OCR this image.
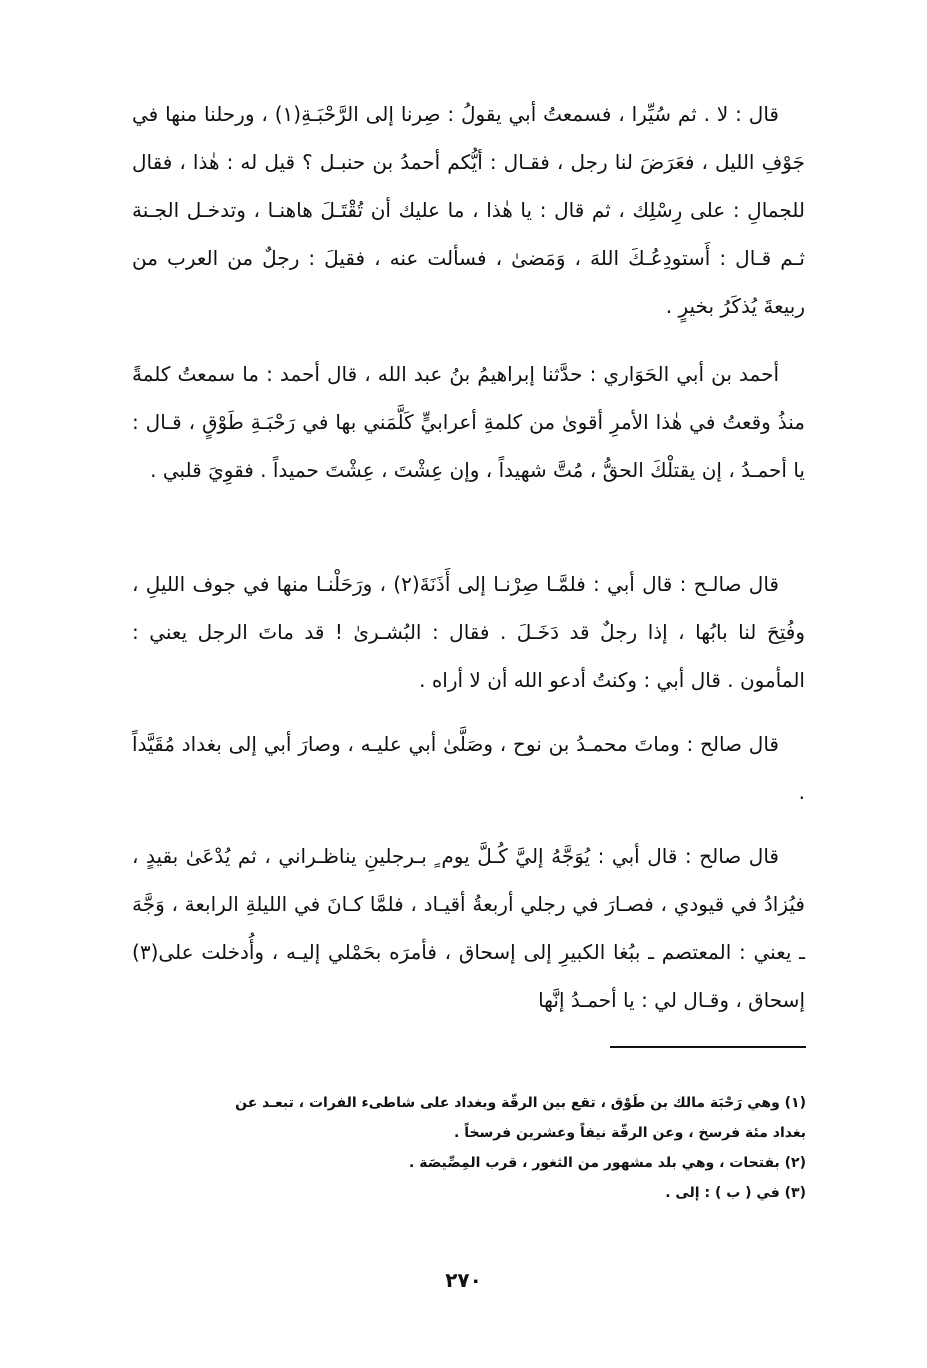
قال : لا . ثم سُيِّرا ، فسمعتُ أبي يقولُ : صِرنا إلى الرَّحْبَـةِ(١) ، ورحلنا منها في جَوْفِ الليل ، فعَرَضَ لنا رجل ، فقـال : أيُّكم أحمدُ بن حنبـل ؟ قيل له : هٰذا ، فقال للجمالِ : على رِسْلِك ، ثم قال : يا هٰذا ، ما عليك أن تُقْتَـلَ هاهنـا ، وتدخـل الجـنة ثـم قـال : أَستودِعُـكَ اللهَ ، وَمَضىٰ ، فسألت عنه ، فقيلَ : رجلٌ من العرب من ربيعةَ يُذكَرُ بخيرٍ .

أحمد بن أبي الحَوَاري : حدَّثنا إبراهيمُ بنُ عبد الله ، قال أحمد : ما سمعتُ كلمةً منذُ وقعتُ في هٰذا الأمرِ أقوىٰ من كلمةِ أعرابيٍّ كَلَّمَني بها في رَحْبَـةِ طَوْقٍ ، قـال : يا أحمـدُ ، إن يقتلْكَ الحقُّ ، مُتَّ شهيداً ، وإن عِشْتَ ، عِشْتَ حميداً . فقوِيَ قلبي .

قال صالـح : قال أبي : فلمَّـا صِرْنـا إلى أَذَنَةَ(٢) ، ورَحَلْنـا منها في جوف الليلِ ، وفُتِحَ لنا بابُها ، إذا رجلٌ قد دَخَـلَ . فقال : البُشـرىٰ ! قد ماتَ الرجل يعني : المأمون . قال أبي : وكنتُ أدعو الله أن لا أراه .

قال صالح : وماتَ محمـدُ بن نوح ، وصَلَّىٰ أبي عليـه ، وصارَ أبي إلى بغداد مُقَيَّداً .

قال صالح : قال أبي : يُوَجَّهُ إليَّ كُـلَّ يوم ٍ بـرجلينِ يناظـراني ، ثم يُدْعَىٰ بقيدٍ ، فيُزادُ في قيودي ، فصـارَ في رجلي أربعةُ أقيـاد ، فلمَّا كـانَ في الليلةِ الرابعة ، وَجَّهَ ـ يعني : المعتصم ـ ببُغا الكبيرِ إلى إسحاق ، فأمرَه بحَمْلي إليـه ، وأُدخلت على(٣) إسحاق ، وقـال لي : يا أحمـدُ إنَّها

(١) وهي رَحْبَة مالك بن طَوْق ، تقع بين الرقّة وبغداد على شاطىء الفرات ، تبعـد عن
بغداد مئة فرسخ ، وعن الرقّة نيفاً وعشرين فرسخاً .
(٢) بفتحات ، وهي بلد مشهور من الثغور ، قرب المِصِّيصَة .
(٣) في ( ب ) : إلى .
٢٧٠
